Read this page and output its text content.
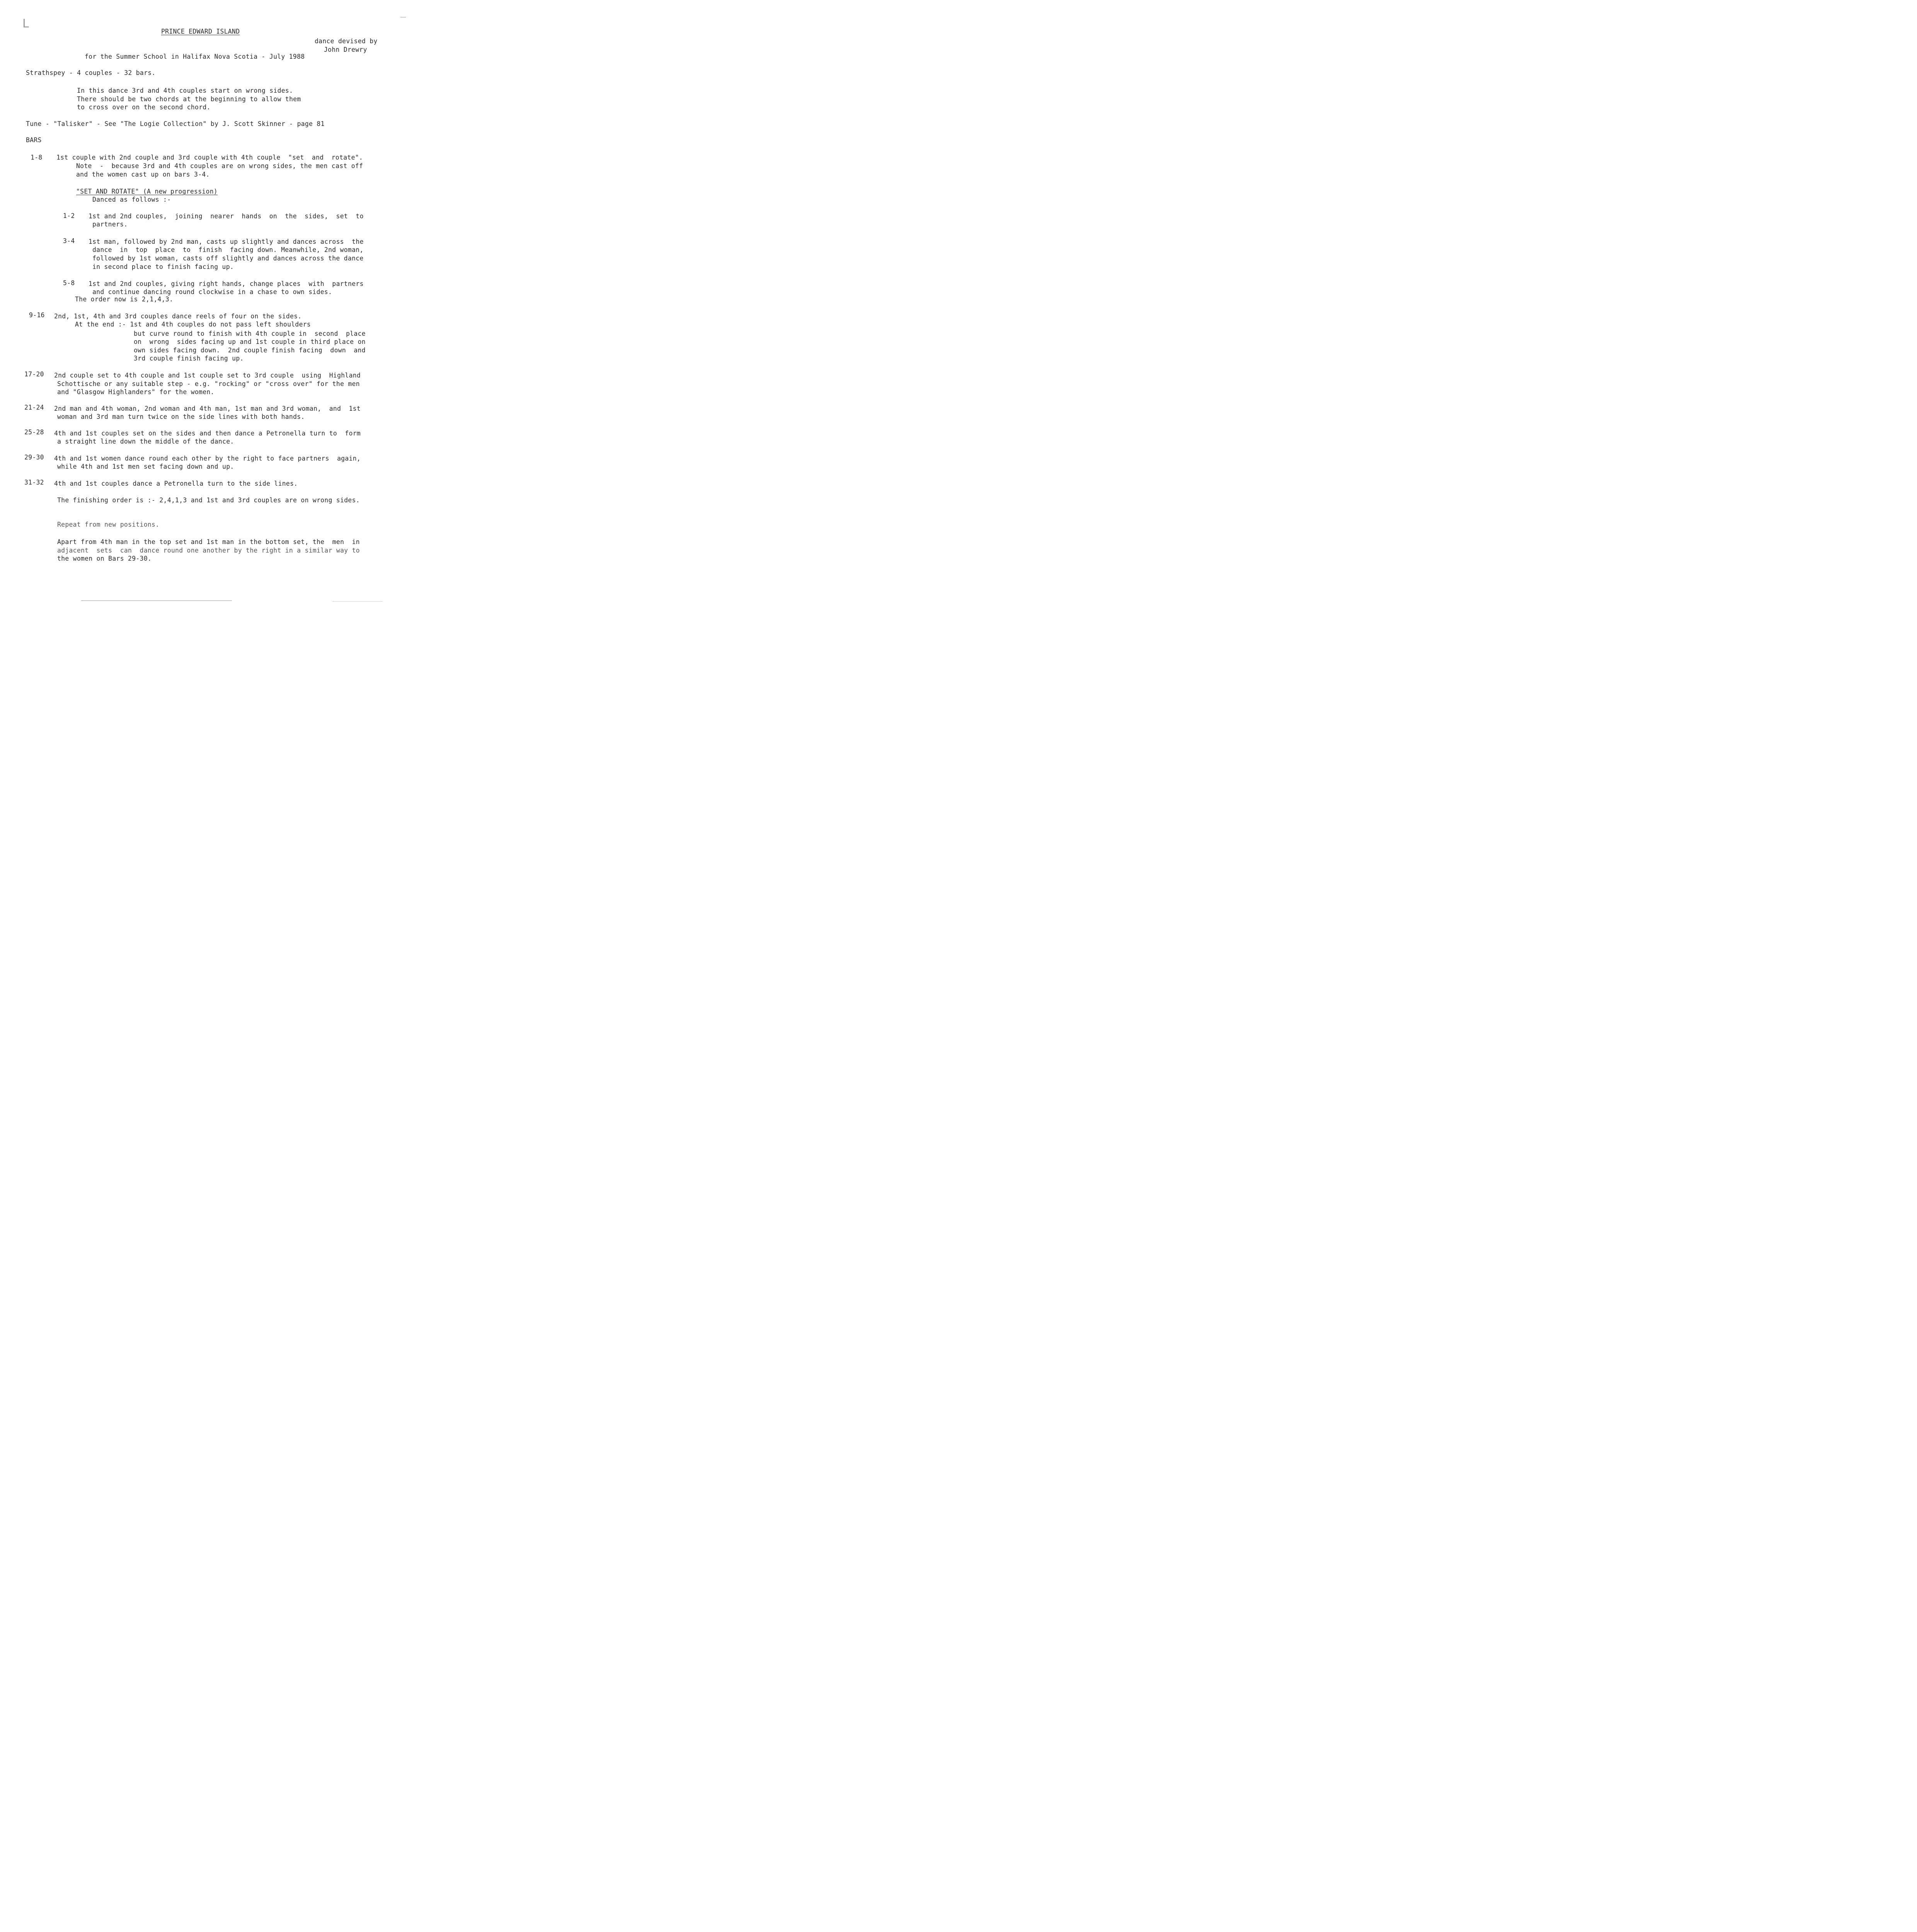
L
PRINCE EDWARD ISLAND
dance devised by
John Drewry
for the Summer School in Halifax Nova Scotia - July 1988
Strathspey - 4 couples - 32 bars.
In this dance 3rd and 4th couples start on wrong sides.
There should be two chords at the beginning to allow them
to cross over on the second chord.
Tune - "Talisker" - See "The Logie Collection" by J. Scott Skinner - page 81
BARS
1-8 1st couple with 2nd couple and 3rd couple with 4th couple  "set  and  rotate".
Note  -  because 3rd and 4th couples are on wrong sides, the men cast off
and the women cast up on bars 3-4.
"SET AND ROTATE" (A new progression)
Danced as follows :-
1-2 1st and 2nd couples,  joining  nearer  hands  on  the  sides,  set  to
partners.
3-4 1st man, followed by 2nd man, casts up slightly and dances across  the
dance  in  top  place  to  finish  facing down. Meanwhile, 2nd woman,
followed by 1st woman, casts off slightly and dances across the dance
in second place to finish facing up.
5-8 1st and 2nd couples, giving right hands, change places  with  partners
and continue dancing round clockwise in a chase to own sides.
The order now is 2,1,4,3.
9-16 2nd, 1st, 4th and 3rd couples dance reels of four on the sides.
At the end :- 1st and 4th couples do not pass left shoulders
but curve round to finish with 4th couple in  second  place
on  wrong  sides facing up and 1st couple in third place on
own sides facing down.  2nd couple finish facing  down  and
3rd couple finish facing up.
17-20 2nd couple set to 4th couple and 1st couple set to 3rd couple  using  Highland
Schottische or any suitable step - e.g. "rocking" or "cross over" for the men
and "Glasgow Highlanders" for the women.
21-24 2nd man and 4th woman, 2nd woman and 4th man, 1st man and 3rd woman,  and  1st
woman and 3rd man turn twice on the side lines with both hands.
25-28 4th and 1st couples set on the sides and then dance a Petronella turn to  form
a straight line down the middle of the dance.
29-30 4th and 1st women dance round each other by the right to face partners  again,
while 4th and 1st men set facing down and up.
31-32 4th and 1st couples dance a Petronella turn to the side lines.
The finishing order is :- 2,4,1,3 and 1st and 3rd couples are on wrong sides.
Repeat from new positions.
Apart from 4th man in the top set and 1st man in the bottom set, the  men  in
adjacent  sets  can  dance round one another by the right in a similar way to
the women on Bars 29-30.
